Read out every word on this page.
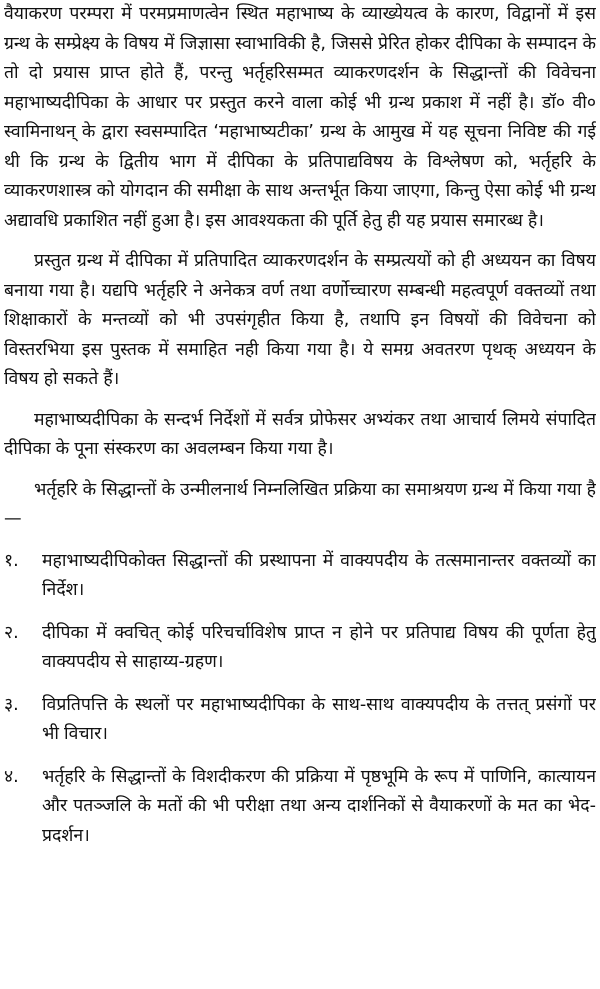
वैयाकरण परम्परा में परमप्रमाणत्वेन स्थित महाभाष्य के व्याख्येयत्व के कारण, विद्वानों में इस ग्रन्थ के सम्प्रेक्ष्य के विषय में जिज्ञासा स्वाभाविकी है, जिससे प्रेरित होकर दीपिका के सम्पादन के तो दो प्रयास प्राप्त होते हैं, परन्तु भर्तृहरिसम्मत व्याकरणदर्शन के सिद्धान्तों की विवेचना महाभाष्यदीपिका के आधार पर प्रस्तुत करने वाला कोई भी ग्रन्थ प्रकाश में नहीं है। डॉ० वी० स्वामिनाथन् के द्वारा स्वसम्पादित ‘महाभाष्यटीका’ ग्रन्थ के आमुख में यह सूचना निविष्ट की गई थी कि ग्रन्थ के द्वितीय भाग में दीपिका के प्रतिपाद्यविषय के विश्लेषण को, भर्तृहरि के व्याकरणशास्त्र को योगदान की समीक्षा के साथ अन्तर्भूत किया जाएगा, किन्तु ऐसा कोई भी ग्रन्थ अद्यावधि प्रकाशित नहीं हुआ है। इस आवश्यकता की पूर्ति हेतु ही यह प्रयास समारब्ध है।

प्रस्तुत ग्रन्थ में दीपिका में प्रतिपादित व्याकरणदर्शन के सम्प्रत्ययों को ही अध्ययन का विषय बनाया गया है। यद्यपि भर्तृहरि ने अनेकत्र वर्ण तथा वर्णोच्चारण सम्बन्धी महत्वपूर्ण वक्तव्यों तथा शिक्षाकारों के मन्तव्यों को भी उपसंगृहीत किया है, तथापि इन विषयों की विवेचना को विस्तरभिया इस पुस्तक में समाहित नही किया गया है। ये समग्र अवतरण पृथक् अध्ययन के विषय हो सकते हैं।

महाभाष्यदीपिका के सन्दर्भ निर्देशों में सर्वत्र प्रोफेसर अभ्यंकर तथा आचार्य लिमये संपादित दीपिका के पूना संस्करण का अवलम्बन किया गया है।

भर्तृहरि के सिद्धान्तों के उन्मीलनार्थ निम्नलिखित प्रक्रिया का समाश्रयण ग्रन्थ में किया गया है—

१. महाभाष्यदीपिकोक्त सिद्धान्तों की प्रस्थापना में वाक्यपदीय के तत्समानान्तर वक्तव्यों का निर्देश।
२. दीपिका में क्वचित् कोई परिचर्चाविशेष प्राप्त न होने पर प्रतिपाद्य विषय की पूर्णता हेतु वाक्यपदीय से साहाय्य-ग्रहण।
३. विप्रतिपत्ति के स्थलों पर महाभाष्यदीपिका के साथ-साथ वाक्यपदीय के तत्तत् प्रसंगों पर भी विचार।
४. भर्तृहरि के सिद्धान्तों के विशदीकरण की प्रक्रिया में पृष्ठभूमि के रूप में पाणिनि, कात्यायन और पतञ्जलि के मतों की भी परीक्षा तथा अन्य दार्शनिकों से वैयाकरणों के मत का भेद-प्रदर्शन।
